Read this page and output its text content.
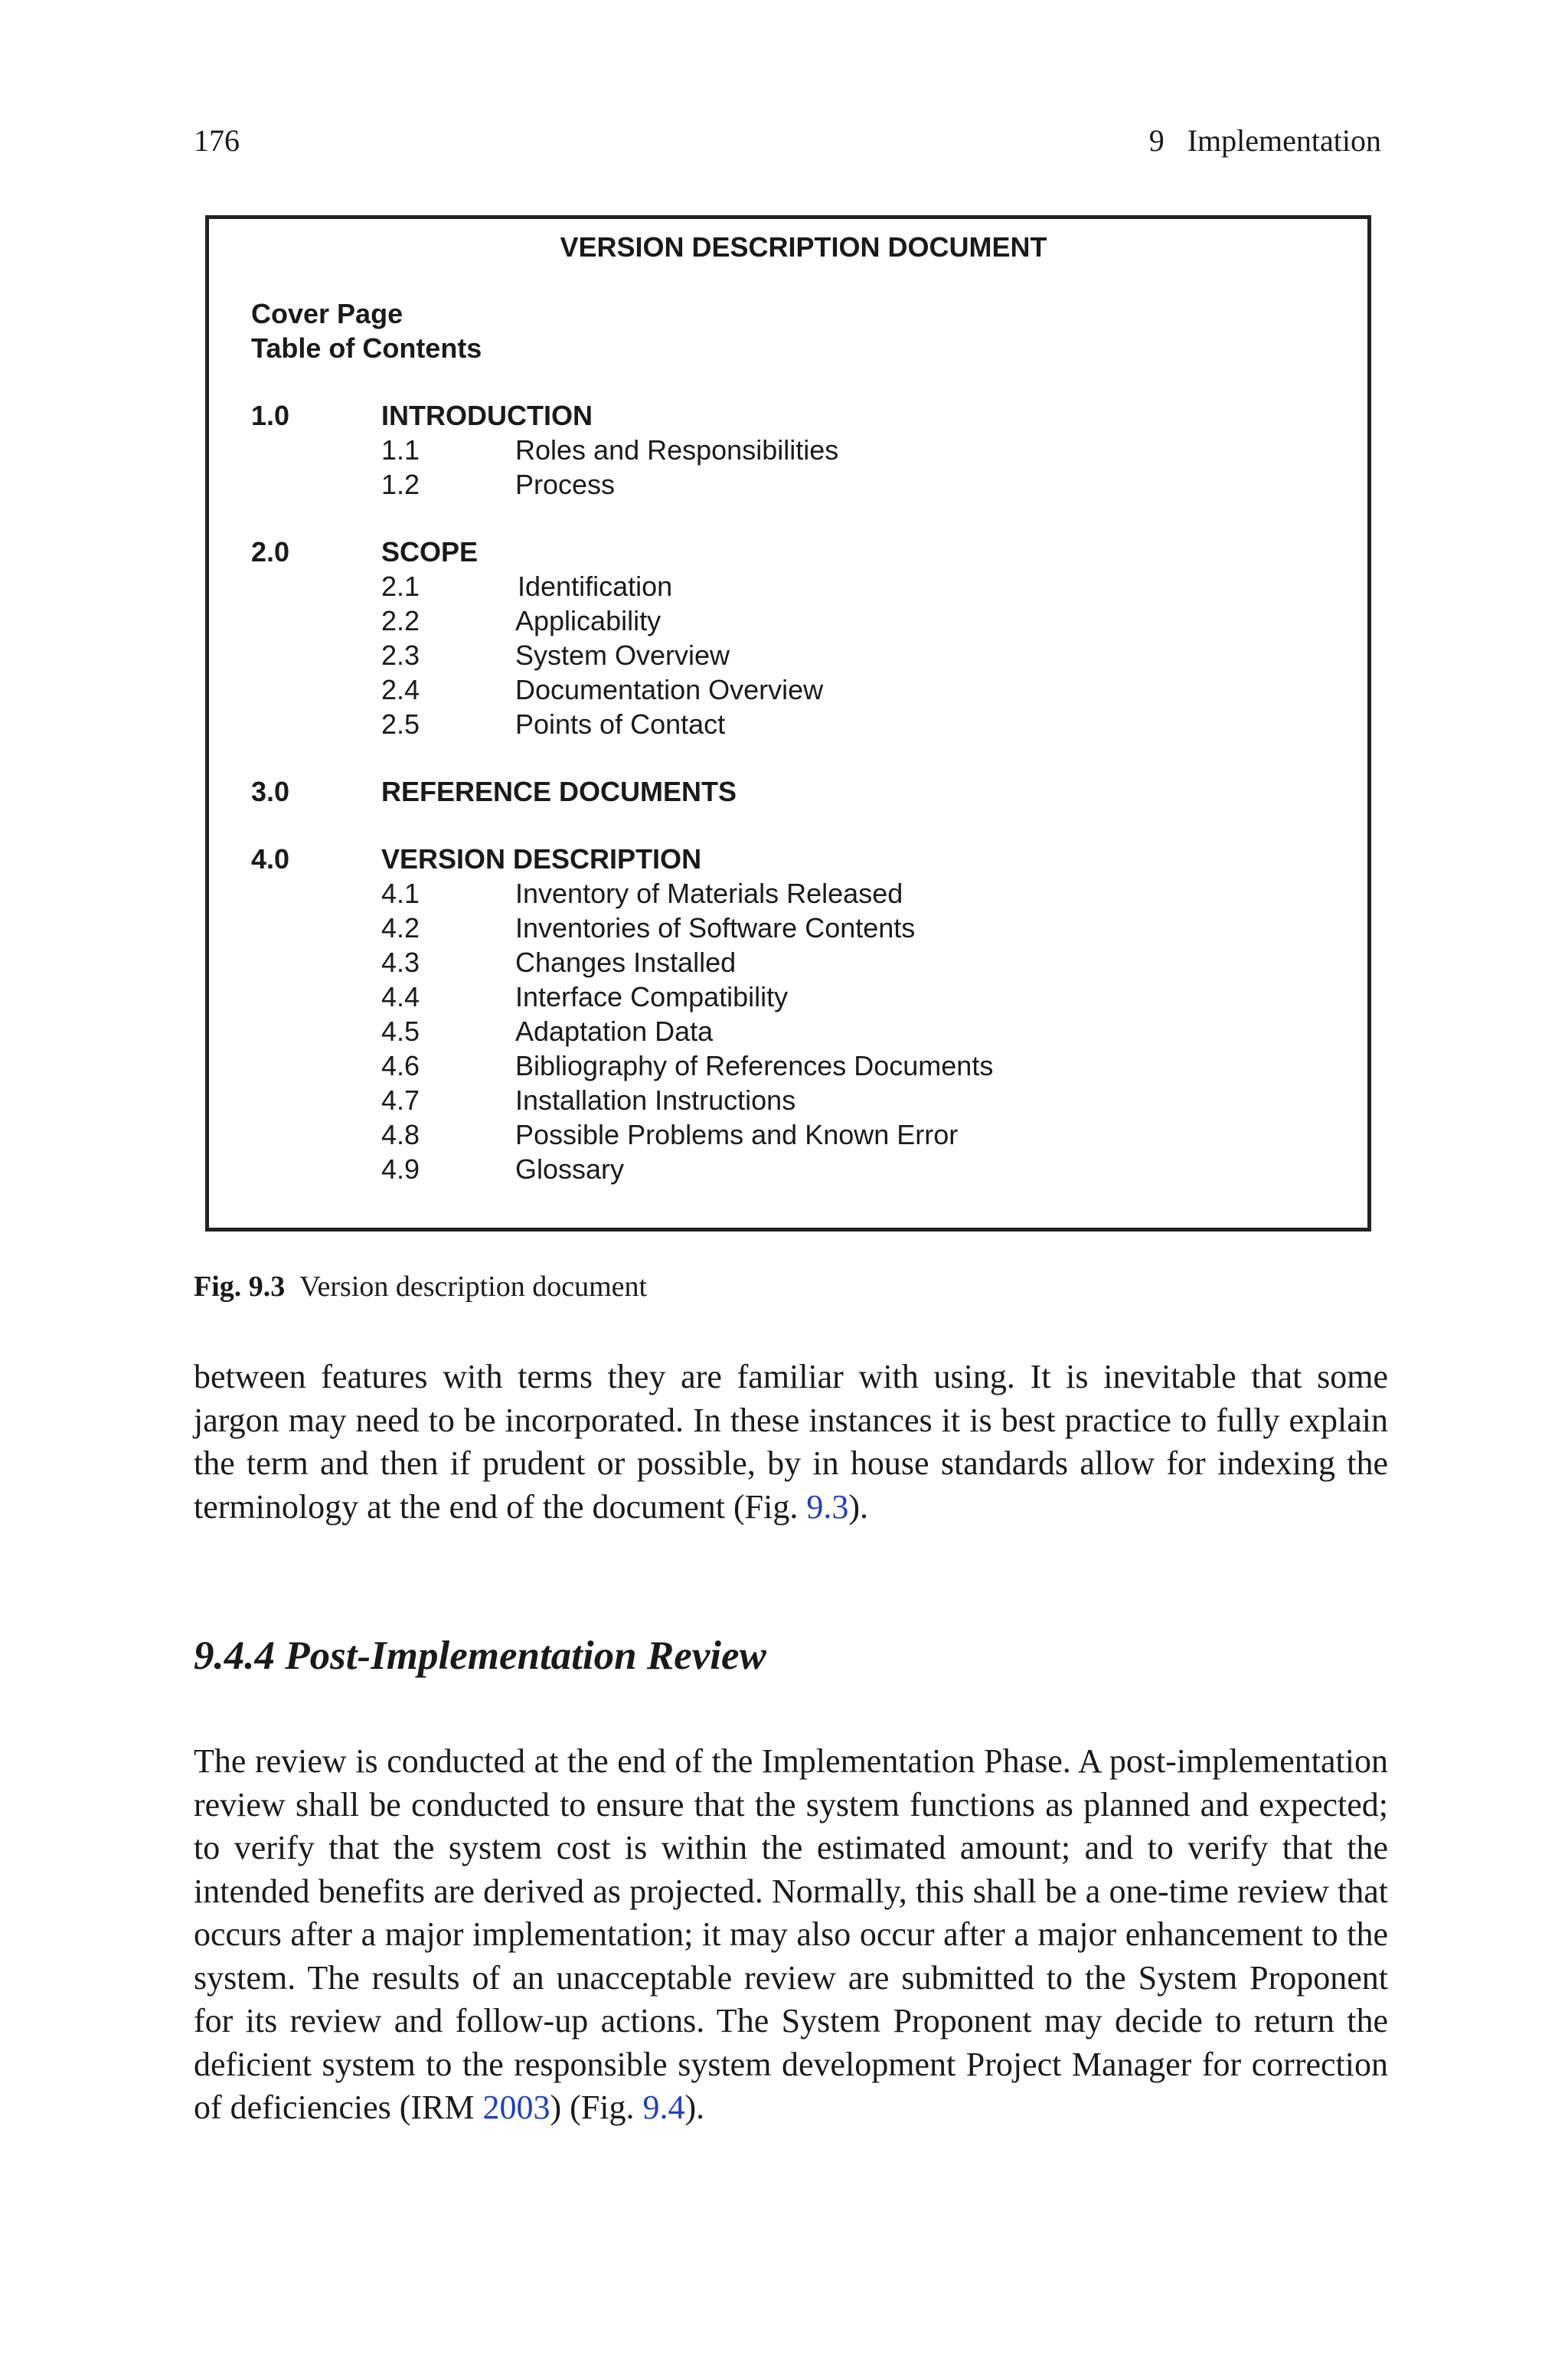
176	9   Implementation
VERSION DESCRIPTION DOCUMENT
Cover Page
Table of Contents
1.0	INTRODUCTION
1.1	Roles and Responsibilities
1.2	Process
2.0	SCOPE
2.1	Identification
2.2	Applicability
2.3	System Overview
2.4	Documentation Overview
2.5	Points of Contact
3.0	REFERENCE DOCUMENTS
4.0	VERSION DESCRIPTION
4.1	Inventory of Materials Released
4.2	Inventories of Software Contents
4.3	Changes Installed
4.4	Interface Compatibility
4.5	Adaptation Data
4.6	Bibliography of References Documents
4.7	Installation Instructions
4.8	Possible Problems and Known Error
4.9	Glossary
Fig. 9.3 Version description document
between features with terms they are familiar with using. It is inevitable that some jargon may need to be incorporated. In these instances it is best practice to fully explain the term and then if prudent or possible, by in house standards allow for indexing the terminology at the end of the document (Fig. 9.3).
9.4.4 Post-Implementation Review
The review is conducted at the end of the Implementation Phase. A post-implementation review shall be conducted to ensure that the system functions as planned and expected; to verify that the system cost is within the estimated amount; and to verify that the intended benefits are derived as projected. Normally, this shall be a one-time review that occurs after a major implementation; it may also occur after a major enhancement to the system. The results of an unacceptable review are submitted to the System Proponent for its review and follow-up actions. The System Proponent may decide to return the deficient system to the responsible system development Project Manager for correction of deficiencies (IRM 2003) (Fig. 9.4).
